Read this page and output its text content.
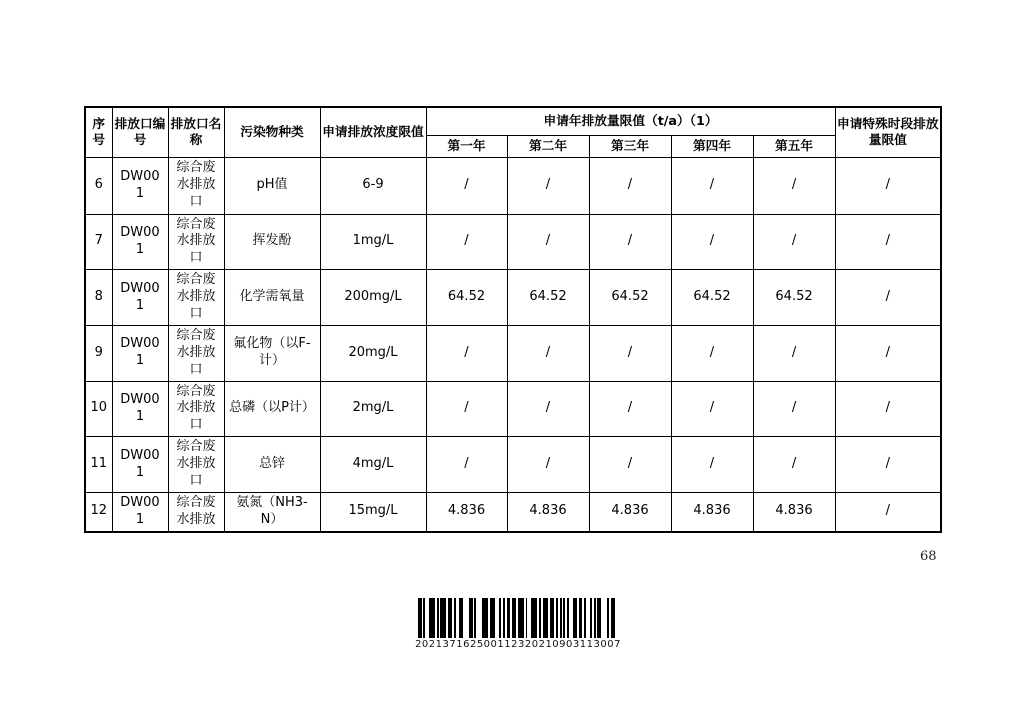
序号	排放口编号	排放口名称	污染物种类	申请排放浓度限值	申请年排放量限值（t/a）（1）					申请特殊时段排放量限值
					第一年	第二年	第三年	第四年	第五年	
6	DW001	综合废水排放口	pH值	6-9	/	/	/	/	/	/
7	DW001	综合废水排放口	挥发酚	1mg/L	/	/	/	/	/	/
8	DW001	综合废水排放口	化学需氧量	200mg/L	64.52	64.52	64.52	64.52	64.52	/
9	DW001	综合废水排放口	氟化物（以F-计）	20mg/L	/	/	/	/	/	/
10	DW001	综合废水排放口	总磷（以P计）	2mg/L	/	/	/	/	/	/
11	DW001	综合废水排放口	总锌	4mg/L	/	/	/	/	/	/
12	DW001	综合废水排放	氨氮（NH3-N）	15mg/L	4.836	4.836	4.836	4.836	4.836	/
68
202137162500112320210903113007
